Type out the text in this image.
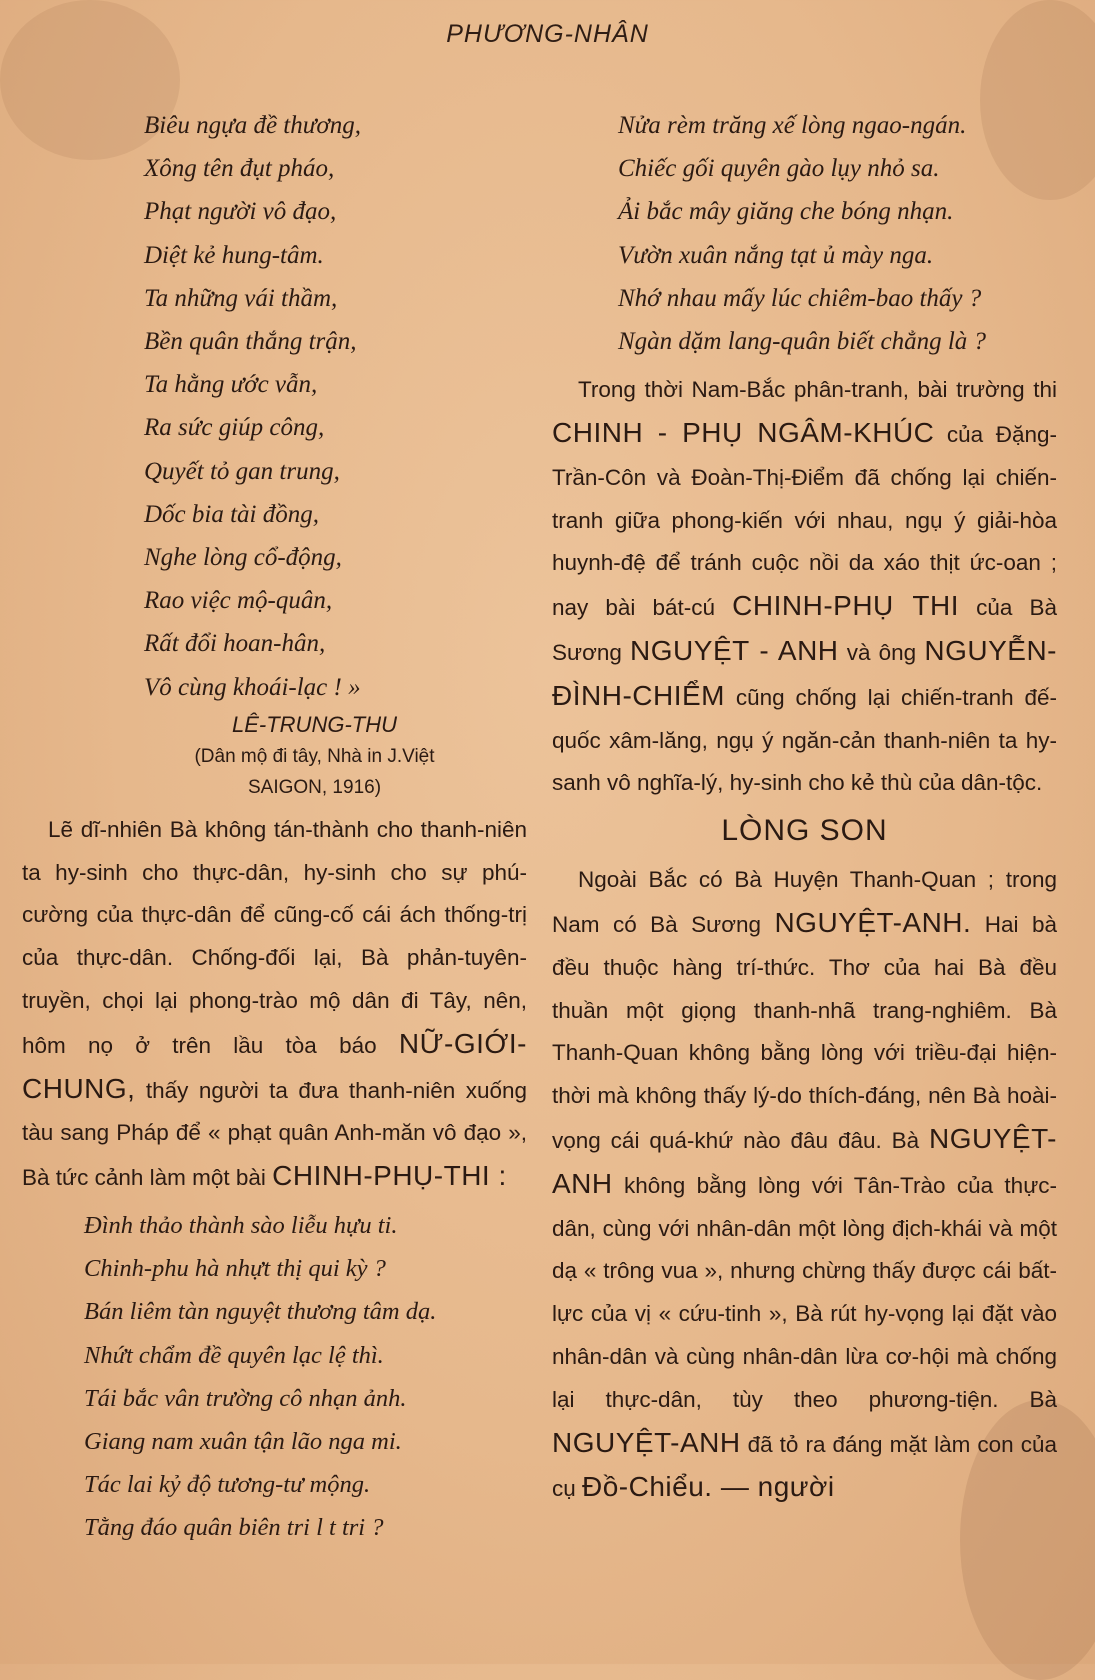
PHƯƠNG-NHÂN
Biêu ngựa đề thương,
Xông tên đụt pháo,
Phạt người vô đạo,
Diệt kẻ hung-tâm.
Ta những vái thầm,
Bền quân thắng trận,
Ta hằng ước vẫn,
Ra sức giúp công,
Quyết tỏ gan trung,
Dốc bia tài đồng,
Nghe lòng cổ-động,
Rao việc mộ-quân,
Rất đổi hoan-hân,
Vô cùng khoái-lạc ! »
LÊ-TRUNG-THU
(Dân mộ đi tây, Nhà in J.Việt
SAIGON, 1916)

Lẽ dĩ-nhiên Bà không tán-thành cho thanh-niên ta hy-sinh cho thực-dân, hy-sinh cho sự phú-cường của thực-dân để cũng-cố cái ách thống-trị của thực-dân. Chống-đối lại, Bà phản-tuyên-truyền, chọi lại phong-trào mộ dân đi Tây, nên, hôm nọ ở trên lầu tòa báo NỮ-GIỚI-CHUNG, thấy người ta đưa thanh-niên xuống tàu sang Pháp để « phạt quân Anh-măn vô đạo », Bà tức cảnh làm một bài CHINH-PHỤ-THI :

Đình thảo thành sào liễu hựu ti.
Chinh-phu hà nhựt thị qui kỳ ?
Bán liêm tàn nguyệt thương tâm dạ.
Nhứt chẩm đề quyên lạc lệ thì.
Tái bắc vân trường cô nhạn ảnh.
Giang nam xuân tận lão nga mi.
Tác lai kỷ độ tương-tư mộng.
Tằng đáo quân biên tri l t tri ?
Nửa rèm trăng xế lòng ngao-ngán.
Chiếc gối quyên gào lụy nhỏ sa.
Ải bắc mây giăng che bóng nhạn.
Vườn xuân nắng tạt ủ mày nga.
Nhớ nhau mấy lúc chiêm-bao thấy ?
Ngàn dặm lang-quân biết chẳng là ?

Trong thời Nam-Bắc phân-tranh, bài trường thi CHINH - PHỤ NGÂM-KHÚC của Đặng-Trần-Côn và Đoàn-Thị-Điểm đã chống lại chiến-tranh giữa phong-kiến với nhau, ngụ ý giải-hòa huynh-đệ để tránh cuộc nồi da xáo thịt ức-oan ; nay bài bát-cú CHINH-PHỤ THI của Bà Sương NGUYỆT - ANH và ông NGUYỄN-ĐÌNH-CHIỂM cũng chống lại chiến-tranh đế-quốc xâm-lăng, ngụ ý ngăn-cản thanh-niên ta hy-sanh vô nghĩa-lý, hy-sinh cho kẻ thù của dân-tộc.

LÒNG SON

Ngoài Bắc có Bà Huyện Thanh-Quan ; trong Nam có Bà Sương NGUYỆT-ANH. Hai bà đều thuộc hàng trí-thức. Thơ của hai Bà đều thuần một giọng thanh-nhã trang-nghiêm. Bà Thanh-Quan không bằng lòng với triều-đại hiện-thời mà không thấy lý-do thích-đáng, nên Bà hoài-vọng cái quá-khứ nào đâu đâu. Bà NGUYỆT-ANH không bằng lòng với Tân-Trào của thực-dân, cùng với nhân-dân một lòng địch-khái và một dạ « trông vua », nhưng chừng thấy được cái bất-lực của vị « cứu-tinh », Bà rút hy-vọng lại đặt vào nhân-dân và cùng nhân-dân lừa cơ-hội mà chống lại thực-dân, tùy theo phương-tiện. Bà NGUYỆT-ANH đã tỏ ra đáng mặt làm con của cụ Đồ-Chiểu. — người
